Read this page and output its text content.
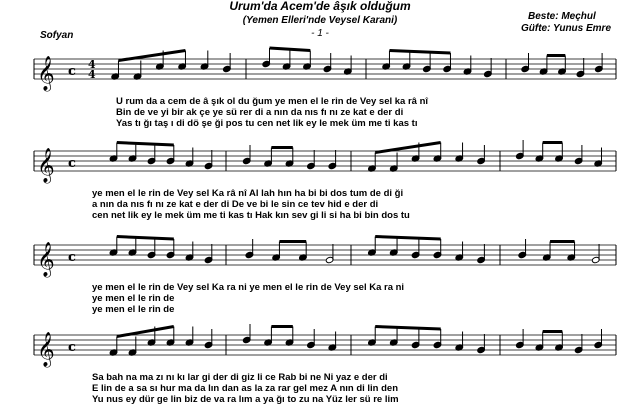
Urum'da Acem'de âşık olduğum
(Yemen Elleri'nde Veysel Karani)
- 1 -
Beste: Meçhul
Güfte: Yunus Emre
Sofyan
𝄞 c 4
4
𝄞 c
𝄞 c
𝄞 c
U rum da a cem de â şık ol du ğum ye men el le rin de Vey sel ka râ nî
Bin de ve yi bir ak çe ye sü rer di a nın da nıs fı nı ze kat e der di
Yas tı ğı taş ı di dö şe ği pos tu cen net lik ey le mek üm me ti kas tı
ye men el le rin de Vey sel Ka râ nî Al lah hın ha bi bi dos tum de di ği
a nın da nıs fı nı ze kat e der di De ve bi le sin ce tev hid e der di
cen net lik ey le mek üm me ti kas tı Hak kın sev gi li si ha bi bin dos tu
ye men el le rin de Vey sel Ka ra ni ye men el le rin de Vey sel Ka ra ni
ye men el le rin de
ye men el le rin de
Sa bah na ma zı nı kı lar gi der di giz li ce Rab bi ne Ni yaz e der di
E lin de a sa sı hur ma da lın dan as la za rar gel mez A nın di lin den
Yu nus ey dür ge lin biz de va ra lım a ya ğı to zu na Yüz ler sü re lim
